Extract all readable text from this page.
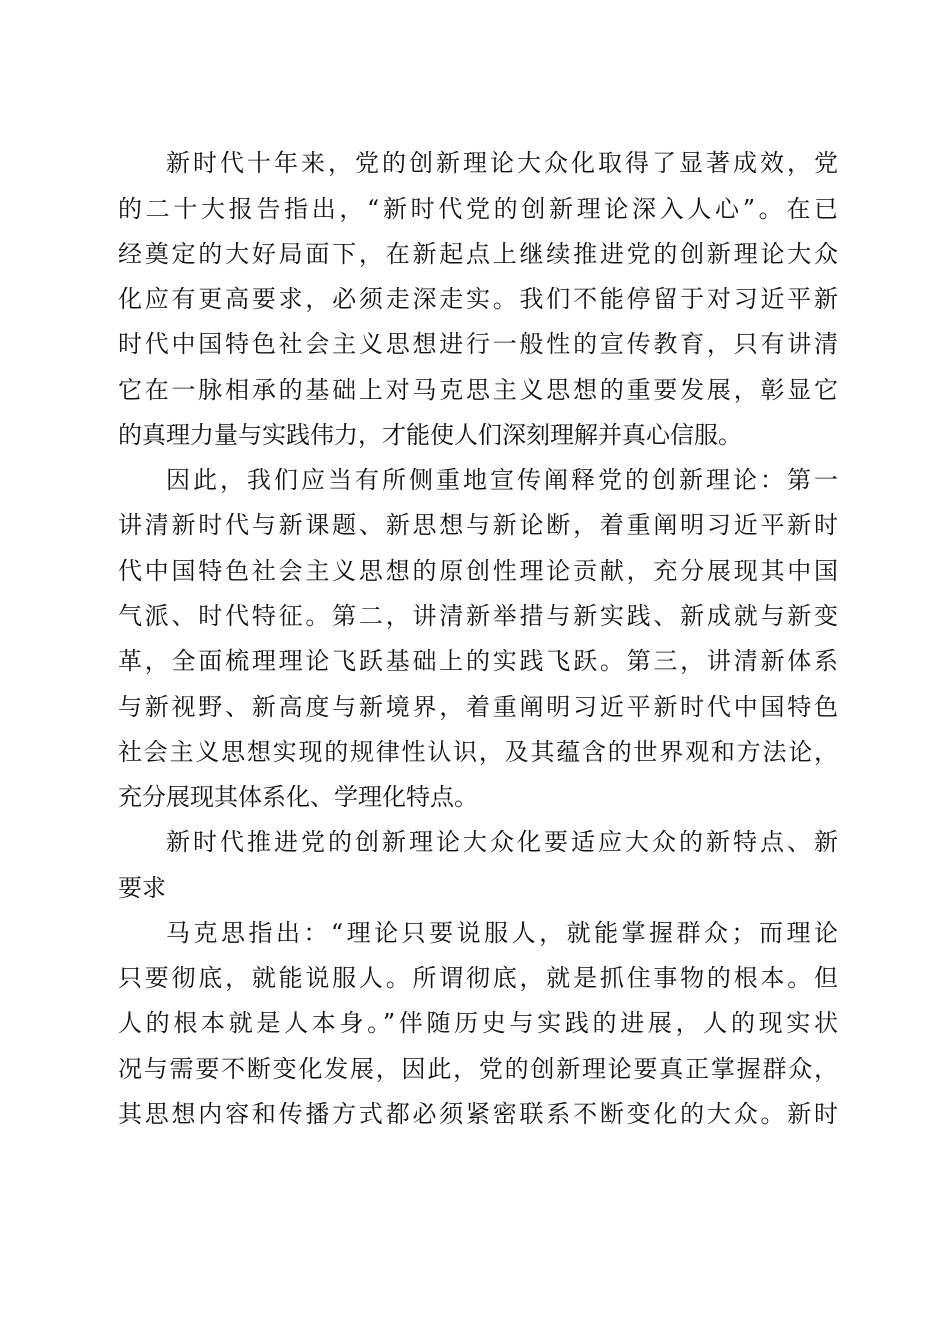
新时代十年来，党的创新理论大众化取得了显著成效，党
的二十大报告指出，“新时代党的创新理论深入人心”。在已
经奠定的大好局面下，在新起点上继续推进党的创新理论大众
化应有更高要求，必须走深走实。我们不能停留于对习近平新
时代中国特色社会主义思想进行一般性的宣传教育，只有讲清
它在一脉相承的基础上对马克思主义思想的重要发展，彰显它
的真理力量与实践伟力，才能使人们深刻理解并真心信服。
因此，我们应当有所侧重地宣传阐释党的创新理论：第一
讲清新时代与新课题、新思想与新论断，着重阐明习近平新时
代中国特色社会主义思想的原创性理论贡献，充分展现其中国
气派、时代特征。第二，讲清新举措与新实践、新成就与新变
革，全面梳理理论飞跃基础上的实践飞跃。第三，讲清新体系
与新视野、新高度与新境界，着重阐明习近平新时代中国特色
社会主义思想实现的规律性认识，及其蕴含的世界观和方法论，
充分展现其体系化、学理化特点。
新时代推进党的创新理论大众化要适应大众的新特点、新
要求
马克思指出：“理论只要说服人，就能掌握群众；而理论
只要彻底，就能说服人。所谓彻底，就是抓住事物的根本。但
人的根本就是人本身。”伴随历史与实践的进展，人的现实状
况与需要不断变化发展，因此，党的创新理论要真正掌握群众，
其思想内容和传播方式都必须紧密联系不断变化的大众。新时
